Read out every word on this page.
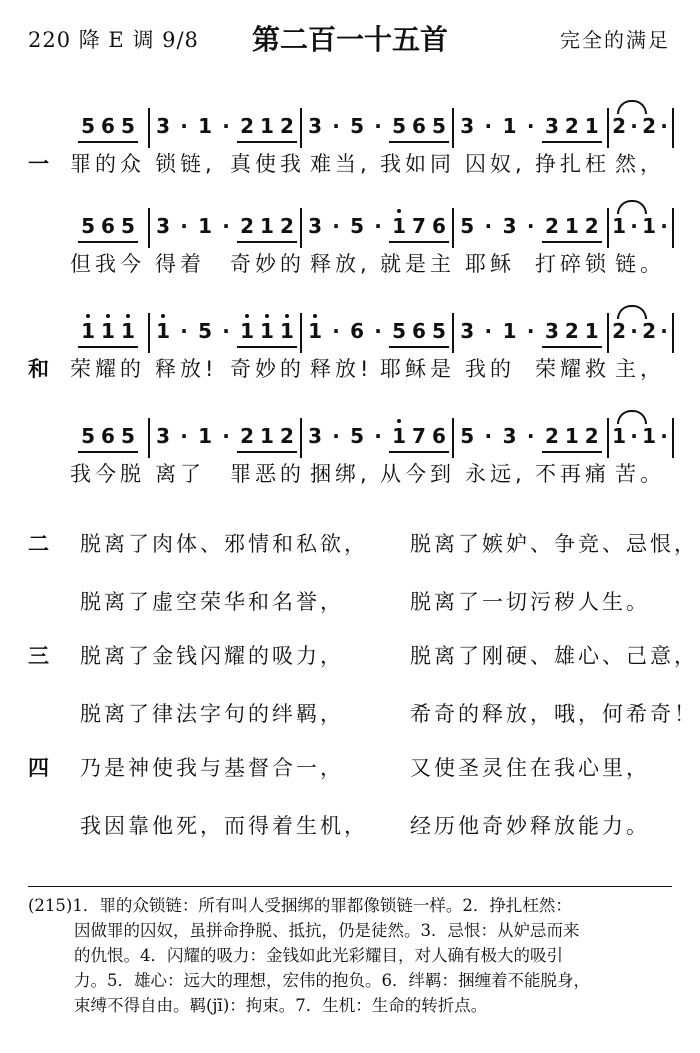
220 降 E 调 9/8	第二百一十五首	完全的满足
5 6 5 3 · 1 · 2 1 2 3 · 5 · 5 6 5 3 · 1 · 3 2 1 2 · 2 ·
一 罪的众 锁链, 真使我 难当, 我如同 囚奴, 挣扎枉 然，
5 6 5 3 · 1 · 2 1 2 3 · 5 · 1 7 6 5 · 3 · 2 1 2 1 · 1 ·
但我今 得着 奇妙的 释放, 就是主 耶稣 打碎锁 链。
1 1 1 1 · 5 · 1 1 1 1 · 6 · 5 6 5 3 · 1 · 3 2 1 2 · 2 ·
和 荣耀的 释放! 奇妙的 释放! 耶稣是 我的 荣耀救 主，
5 6 5 3 · 1 · 2 1 2 3 · 5 · 1 7 6 5 · 3 · 2 1 2 1 · 1 ·
我今脱 离了 罪恶的 捆绑, 从今到 永远, 不再痛 苦。
二 脱离了肉体、邪情和私欲， 脱离了嫉妒、争竞、忌恨，
脱离了虚空荣华和名誉，	脱离了一切污秽人生。
三 脱离了金钱闪耀的吸力，	脱离了刚硬、雄心、己意，
脱离了律法字句的绊羁，	希奇的释放，哦，何希奇！
四 乃是神使我与基督合一，	又使圣灵住在我心里，
我因靠他死，而得着生机， 经历他奇妙释放能力。

(215)1．罪的众锁链：所有叫人受捆绑的罪都像锁链一样。2．挣扎枉然：

因做罪的囚奴，虽拼命挣脱、抵抗，仍是徒然。3．忌恨：从妒忌而来

的仇恨。4．闪耀的吸力：金钱如此光彩耀目，对人确有极大的吸引

力。5．雄心：远大的理想，宏伟的抱负。6．绊羁：捆缠着不能脱身，

束缚不得自由。羁(jī)：拘束。7．生机：生命的转折点。
